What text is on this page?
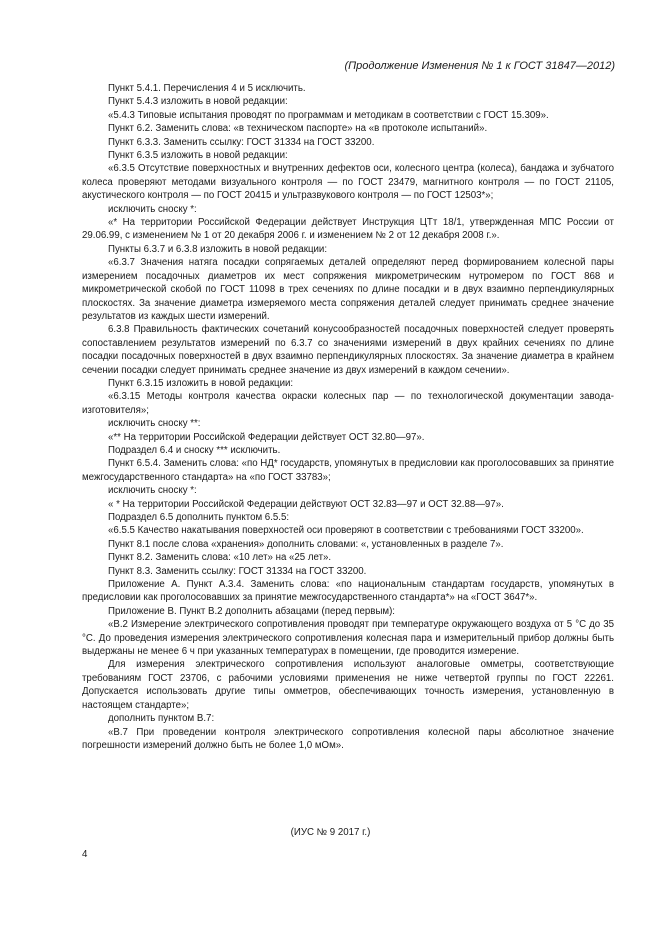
(Продолжение Изменения № 1 к ГОСТ 31847—2012)

Пункт 5.4.1. Перечисления 4 и 5 исключить.

Пункт 5.4.3 изложить в новой редакции:

«5.4.3 Типовые испытания проводят по программам и методикам в соответствии с ГОСТ 15.309».

Пункт 6.2. Заменить слова: «в техническом паспорте» на «в протоколе испытаний».

Пункт 6.3.3. Заменить ссылку: ГОСТ 31334 на ГОСТ 33200.

Пункт 6.3.5 изложить в новой редакции:

«6.3.5 Отсутствие поверхностных и внутренних дефектов оси, колесного центра (колеса), бандажа и зубчатого колеса проверяют методами визуального контроля — по ГОСТ 23479, магнитного контроля — по ГОСТ 21105, акустического контроля — по ГОСТ 20415 и ультразвукового контроля — по ГОСТ 12503*»;

исключить сноску *:

«* На территории Российской Федерации действует Инструкция ЦТт 18/1, утвержденная МПС России от 29.06.99, с изменением № 1 от 20 декабря 2006 г. и изменением № 2 от 12 декабря 2008 г.».

Пункты 6.3.7 и 6.3.8 изложить в новой редакции:

«6.3.7 Значения натяга посадки сопрягаемых деталей определяют перед формированием колесной пары измерением посадочных диаметров их мест сопряжения микрометрическим нутромером по ГОСТ 868 и микрометрической скобой по ГОСТ 11098 в трех сечениях по длине посадки и в двух взаимно перпендикулярных плоскостях. За значение диаметра измеряемого места сопряжения деталей следует принимать среднее значение результатов из каждых шести измерений.

6.3.8 Правильность фактических сочетаний конусообразностей посадочных поверхностей следует проверять сопоставлением результатов измерений по 6.3.7 со значениями измерений в двух крайних сечениях по длине посадки посадочных поверхностей в двух взаимно перпендикулярных плоскостях. За значение диаметра в крайнем сечении посадки следует принимать среднее значение из двух измерений в каждом сечении».

Пункт 6.3.15 изложить в новой редакции:

«6.3.15 Методы контроля качества окраски колесных пар — по технологической документации завода-изготовителя»;

исключить сноску **:

«** На территории Российской Федерации действует ОСТ 32.80—97».

Подраздел 6.4 и сноску *** исключить.

Пункт 6.5.4. Заменить слова: «по НД* государств, упомянутых в предисловии как проголосовавших за принятие межгосударственного стандарта» на «по ГОСТ 33783»;

исключить сноску *:

« * На территории Российской Федерации действуют ОСТ 32.83—97 и ОСТ 32.88—97».

Подраздел 6.5 дополнить пунктом 6.5.5:

«6.5.5 Качество накатывания поверхностей оси проверяют в соответствии с требованиями ГОСТ 33200».

Пункт 8.1 после слова «хранения» дополнить словами: «, установленных в разделе 7».

Пункт 8.2. Заменить слова: «10 лет» на «25 лет».

Пункт 8.3. Заменить ссылку: ГОСТ 31334 на ГОСТ 33200.

Приложение А. Пункт А.3.4. Заменить слова: «по национальным стандартам государств, упомянутых в предисловии как проголосовавших за принятие межгосударственного стандарта*» на «ГОСТ 3647*».

Приложение В. Пункт В.2 дополнить абзацами (перед первым):

«В.2 Измерение электрического сопротивления проводят при температуре окружающего воздуха от 5 °С до 35 °С. До проведения измерения электрического сопротивления колесная пара и измерительный прибор должны быть выдержаны не менее 6 ч при указанных температурах в помещении, где проводится измерение.

Для измерения электрического сопротивления используют аналоговые омметры, соответствующие требованиям ГОСТ 23706, с рабочими условиями применения не ниже четвертой группы по ГОСТ 22261. Допускается использовать другие типы омметров, обеспечивающих точность измерения, установленную в настоящем стандарте»;

дополнить пунктом В.7:

«В.7 При проведении контроля электрического сопротивления колесной пары абсолютное значение погрешности измерений должно быть не более 1,0 мОм».

(ИУС № 9 2017 г.)
4
